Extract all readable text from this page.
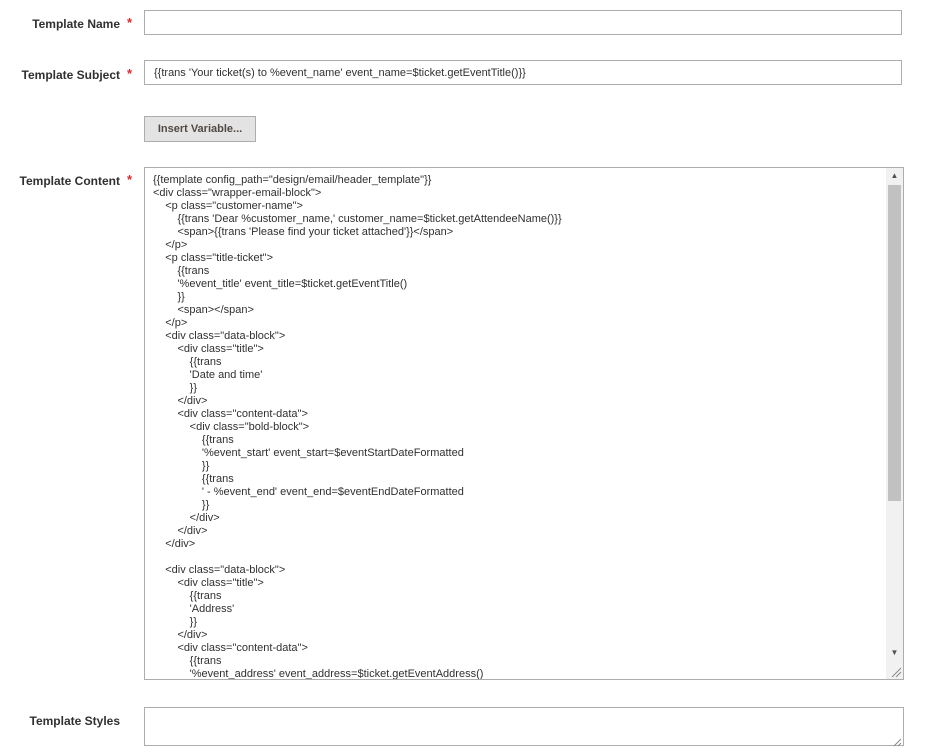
Template Name *
Template Subject *	{{trans 'Your ticket(s) to %event_name' event_name=$ticket.getEventTitle()}}
Insert Variable...
Template Content * {{template config_path="design/email/header_template"}}
<div class="wrapper-email-block">
<p class="customer-name">
{{trans 'Dear %customer_name,' customer_name=$ticket.getAttendeeName()}}
<span>{{trans 'Please find your ticket attached'}}</span>
</p>
<p class="title-ticket">
{{trans
'%event_title' event_title=$ticket.getEventTitle()
}}
<span></span>
</p>
<div class="data-block">
<div class="title">
{{trans
'Date and time'
}}
</div>
<div class="content-data">
<div class="bold-block">
{{trans
'%event_start' event_start=$eventStartDateFormatted
}}
{{trans
' - %event_end' event_end=$eventEndDateFormatted
}}
</div>
</div>
</div>

<div class="data-block">
<div class="title">
{{trans
'Address'
}}
</div>
<div class="content-data">
{{trans
'%event_address' event_address=$ticket.getEventAddress()
▲
▼
Template Styles
